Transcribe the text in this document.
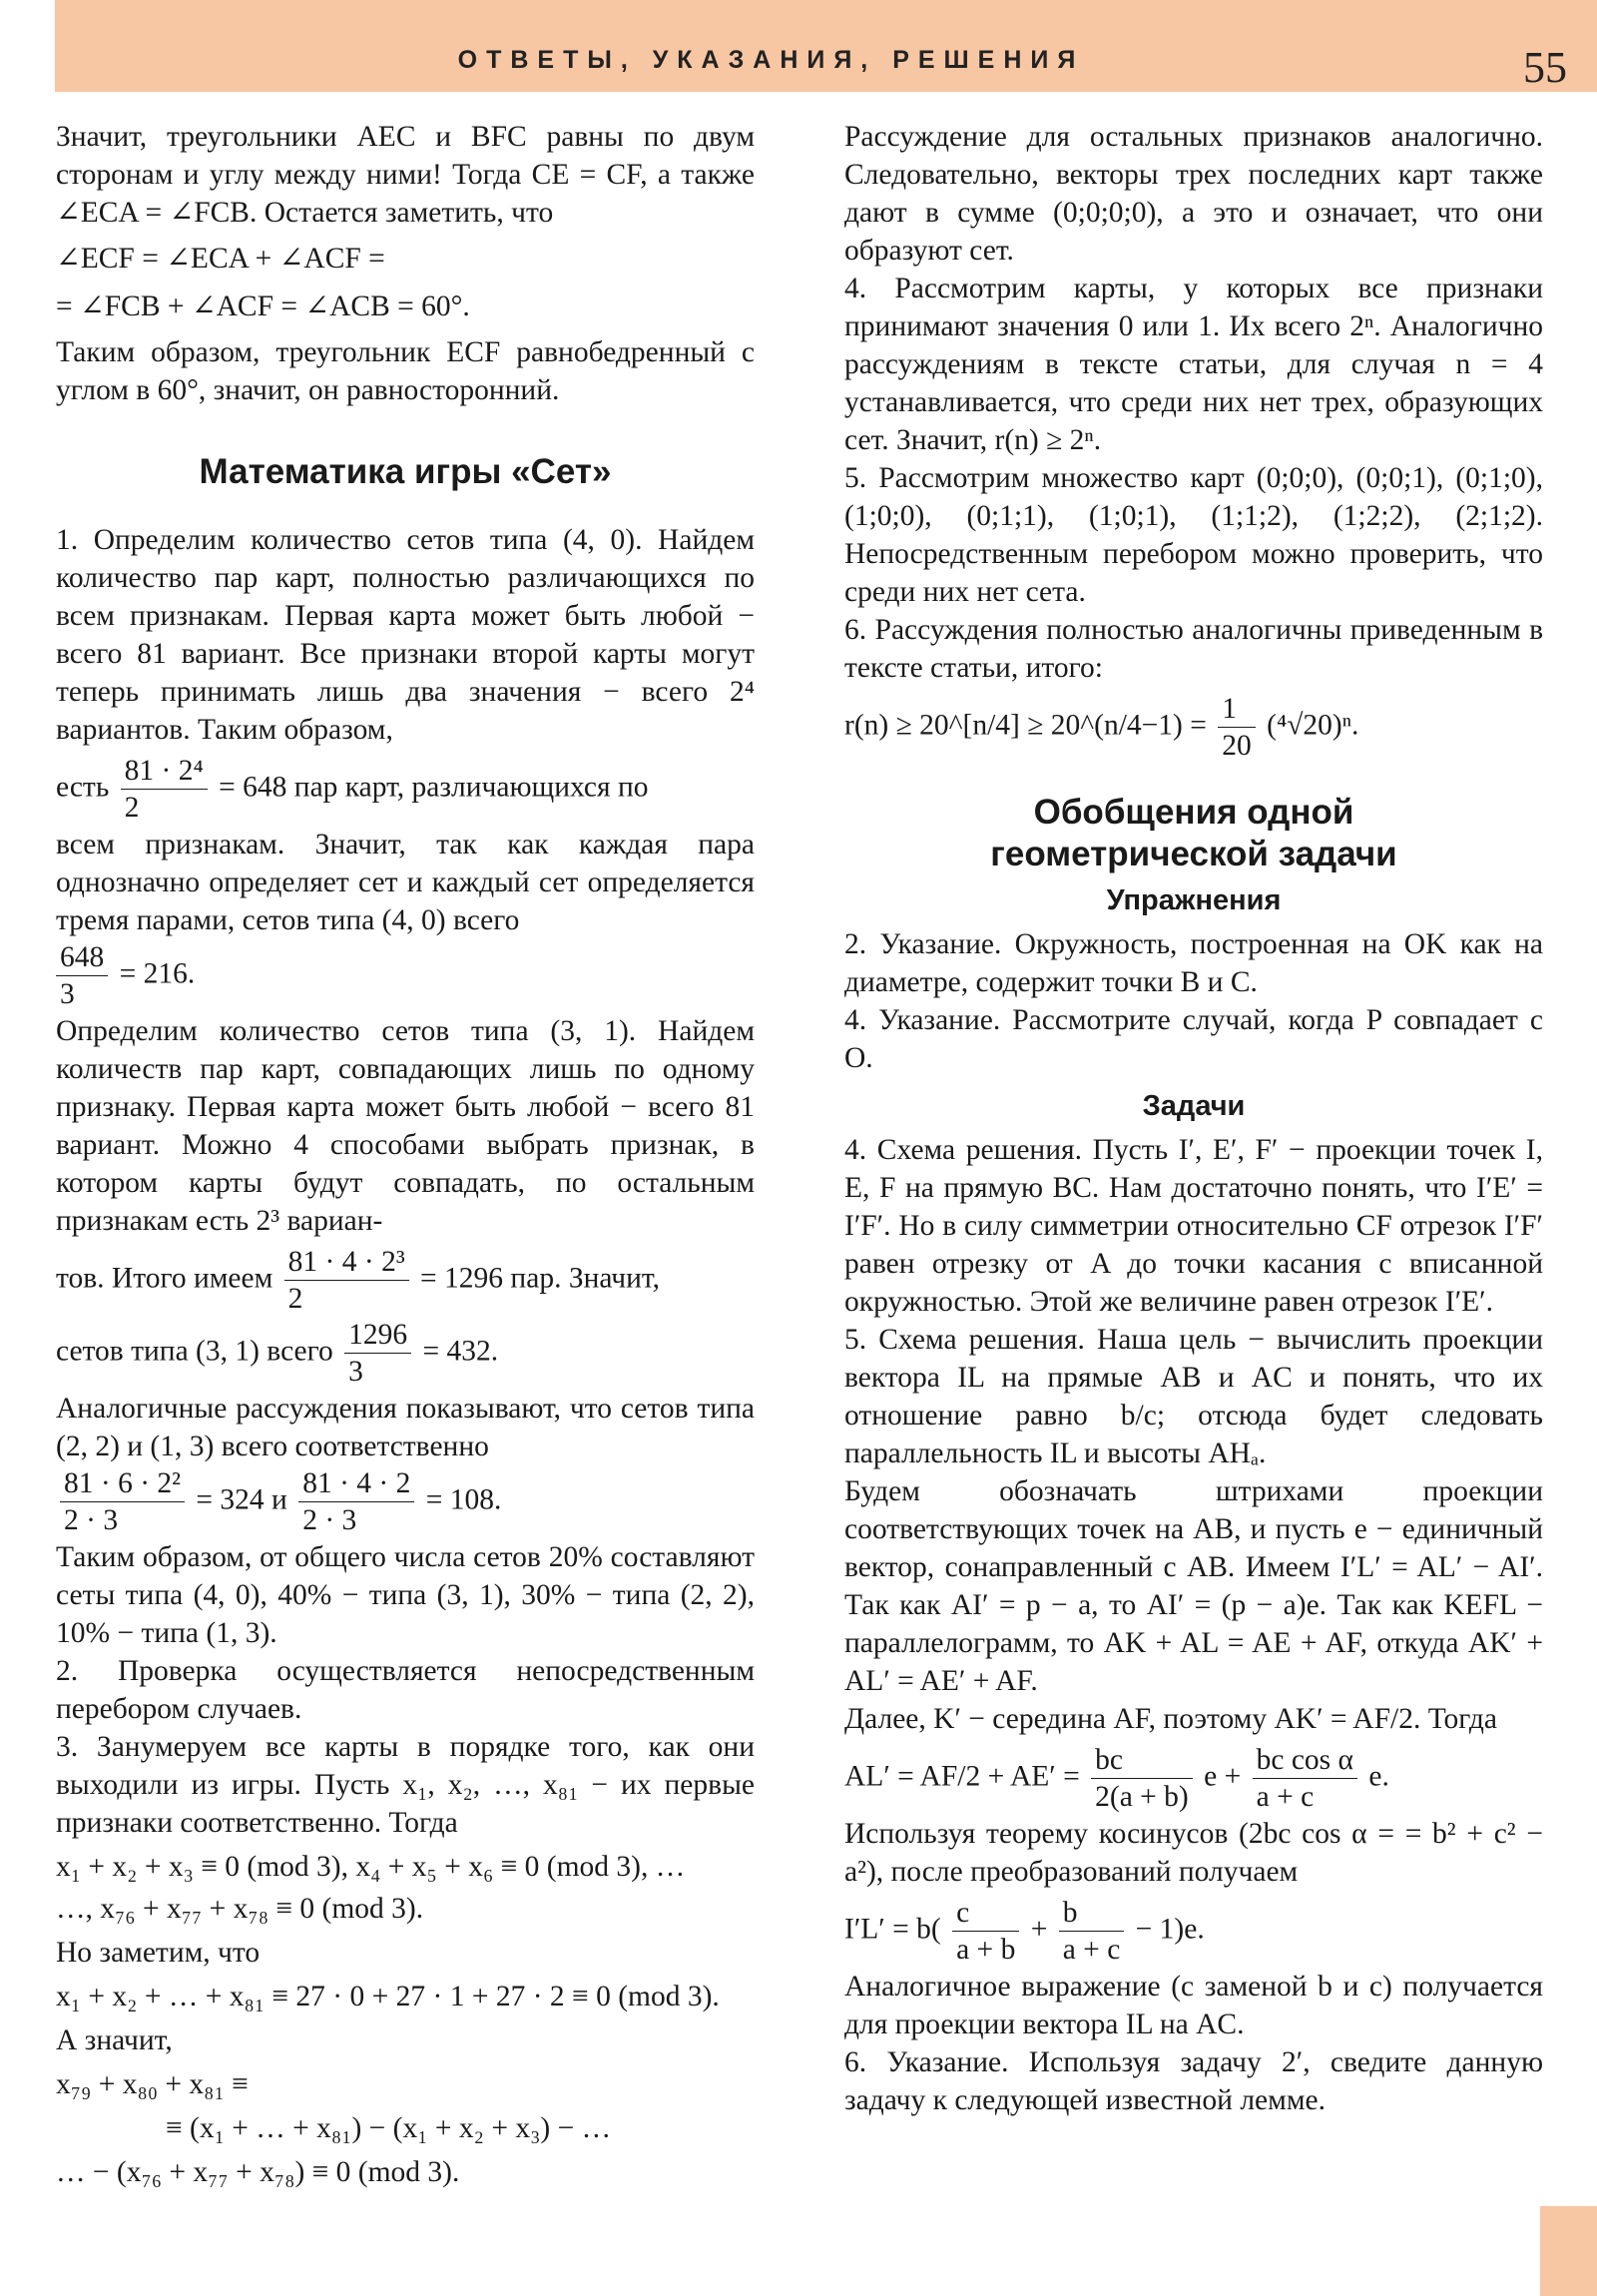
ОТВЕТЫ, УКАЗАНИЯ, РЕШЕНИЯ	55

Значит, треугольники AEC и BFC равны по двум сторонам и углу между ними! Тогда CE = CF, а также ∠ECA = ∠FCB. Остается заметить, что

∠ECF = ∠ECA + ∠ACF =

= ∠FCB + ∠ACF = ∠ACB = 60°.

Таким образом, треугольник ECF равнобедренный с углом в 60°, значит, он равносторонний.

Математика игры «Сет»

1. Определим количество сетов типа (4, 0). Найдем количество пар карт, полностью различающихся по всем признакам. Первая карта может быть любой − всего 81 вариант. Все признаки второй карты могут теперь принимать лишь два значения − всего 2⁴ вариантов. Таким образом,

есть $\frac{\text{81 · 2⁴}}{2} = 648$ пар карт, различающихся по

всем признакам. Значит, так как каждая пара однозначно определяет сет и каждый сет определяется тремя парами, сетов типа (4, 0) всего

$\frac{648}{3} = 216$.

Определим количество сетов типа (3, 1). Найдем количеств пар карт, совпадающих лишь по одному признаку. Первая карта может быть любой − всего 81 вариант. Можно 4 способами выбрать признак, в котором карты будут совпадать, по остальным признакам есть 2³ вариан-

тов. Итого имеем $\frac{\text{81 · 4 · 2³}}{2} = 1296$ пар. Значит,

сетов типа (3, 1) всего $\frac{1296}{3} = 432$.

Аналогичные рассуждения показывают, что сетов типа (2, 2) и (1, 3) всего соответственно

$\frac{\text{81 · 6 · 2²}}{2 \cdot 3} = 324$ и $\frac{81 \cdot 4 \cdot 2}{2 \cdot 3} = 108$.

Таким образом, от общего числа сетов 20% составляют сеты типа (4, 0), 40% − типа (3, 1), 30% − типа (2, 2), 10% − типа (1, 3).

2. Проверка осуществляется непосредственным перебором случаев.

3. Занумеруем все карты в порядке того, как они выходили из игры. Пусть x₁, x₂, …, x₈₁ − их первые признаки соответственно. Тогда

x₁ + x₂ + x₃ ≡ 0 (mod 3), x₄ + x₅ + x₆ ≡ 0 (mod 3), …

…, x₇₆ + x₇₇ + x₇₈ ≡ 0 (mod 3).

Но заметим, что

x₁ + x₂ + … + x₈₁ ≡ 27 · 0 + 27 · 1 + 27 · 2 ≡ 0 (mod 3).

А значит,

x₇₉ + x₈₀ + x₈₁ ≡

≡ (x₁ + … + x₈₁) − (x₁ + x₂ + x₃) − …

… − (x₇₆ + x₇₇ + x₇₈) ≡ 0 (mod 3).

Рассуждение для остальных признаков аналогично. Следовательно, векторы трех последних карт также дают в сумме (0;0;0;0), а это и означает, что они образуют сет.

4. Рассмотрим карты, у которых все признаки принимают значения 0 или 1. Их всего 2ⁿ. Аналогично рассуждениям в тексте статьи, для случая n = 4 устанавливается, что среди них нет трех, образующих сет. Значит, r(n) ≥ 2ⁿ.

5. Рассмотрим множество карт (0;0;0), (0;0;1), (0;1;0), (1;0;0), (0;1;1), (1;0;1), (1;1;2), (1;2;2), (2;1;2). Непосредственным перебором можно проверить, что среди них нет сета.

6. Рассуждения полностью аналогичны приведенным в тексте статьи, итого:

r(n) ≥ 20^[n/4] ≥ 20^(n/4−1) = $\frac{1}{20} (^4√20)^n$.

Обобщения одной
геометрической задачи
Упражнения

2. Указание. Окружность, построенная на OK как на диаметре, содержит точки B и C.

4. Указание. Рассмотрите случай, когда P совпадает с O.

Задачи

4. Схема решения. Пусть I′, E′, F′ − проекции точек I, E, F на прямую BC. Нам достаточно понять, что I′E′ = I′F′. Но в силу симметрии относительно CF отрезок I′F′ равен отрезку от A до точки касания с вписанной окружностью. Этой же величине равен отрезок I′E′.

5. Схема решения. Наша цель − вычислить проекции вектора IL на прямые AB и AC и понять, что их отношение равно b/c; отсюда будет следовать параллельность IL и высоты AHₐ.

Будем обозначать штрихами проекции соответствующих точек на AB, и пусть e − единичный вектор, сонаправленный с AB. Имеем I′L′ = AL′ − AI′. Так как AI′ = p − a, то AI′ = (p − a)e. Так как KEFL − параллелограмм, то AK + AL = AE + AF, откуда AK′ + AL′ = AE′ + AF.

Далее, K′ − середина AF, поэтому AK′ = AF/2. Тогда

$AL' = AF/2 + AE' = \frac{bc}{2(a + b)}$ $e + \frac{\text{bc cos α}}{a + c} e$.

Используя теорему косинусов (2bc cos α = = b² + c² − a²), после преобразований получаем

$I'L' = b( \frac{c}{a + b} + \frac{b}{a + c} - 1)e$.

Аналогичное выражение (с заменой b и c) получается для проекции вектора IL на AC.

6. Указание. Используя задачу 2′, сведите данную задачу к следующей известной лемме.
